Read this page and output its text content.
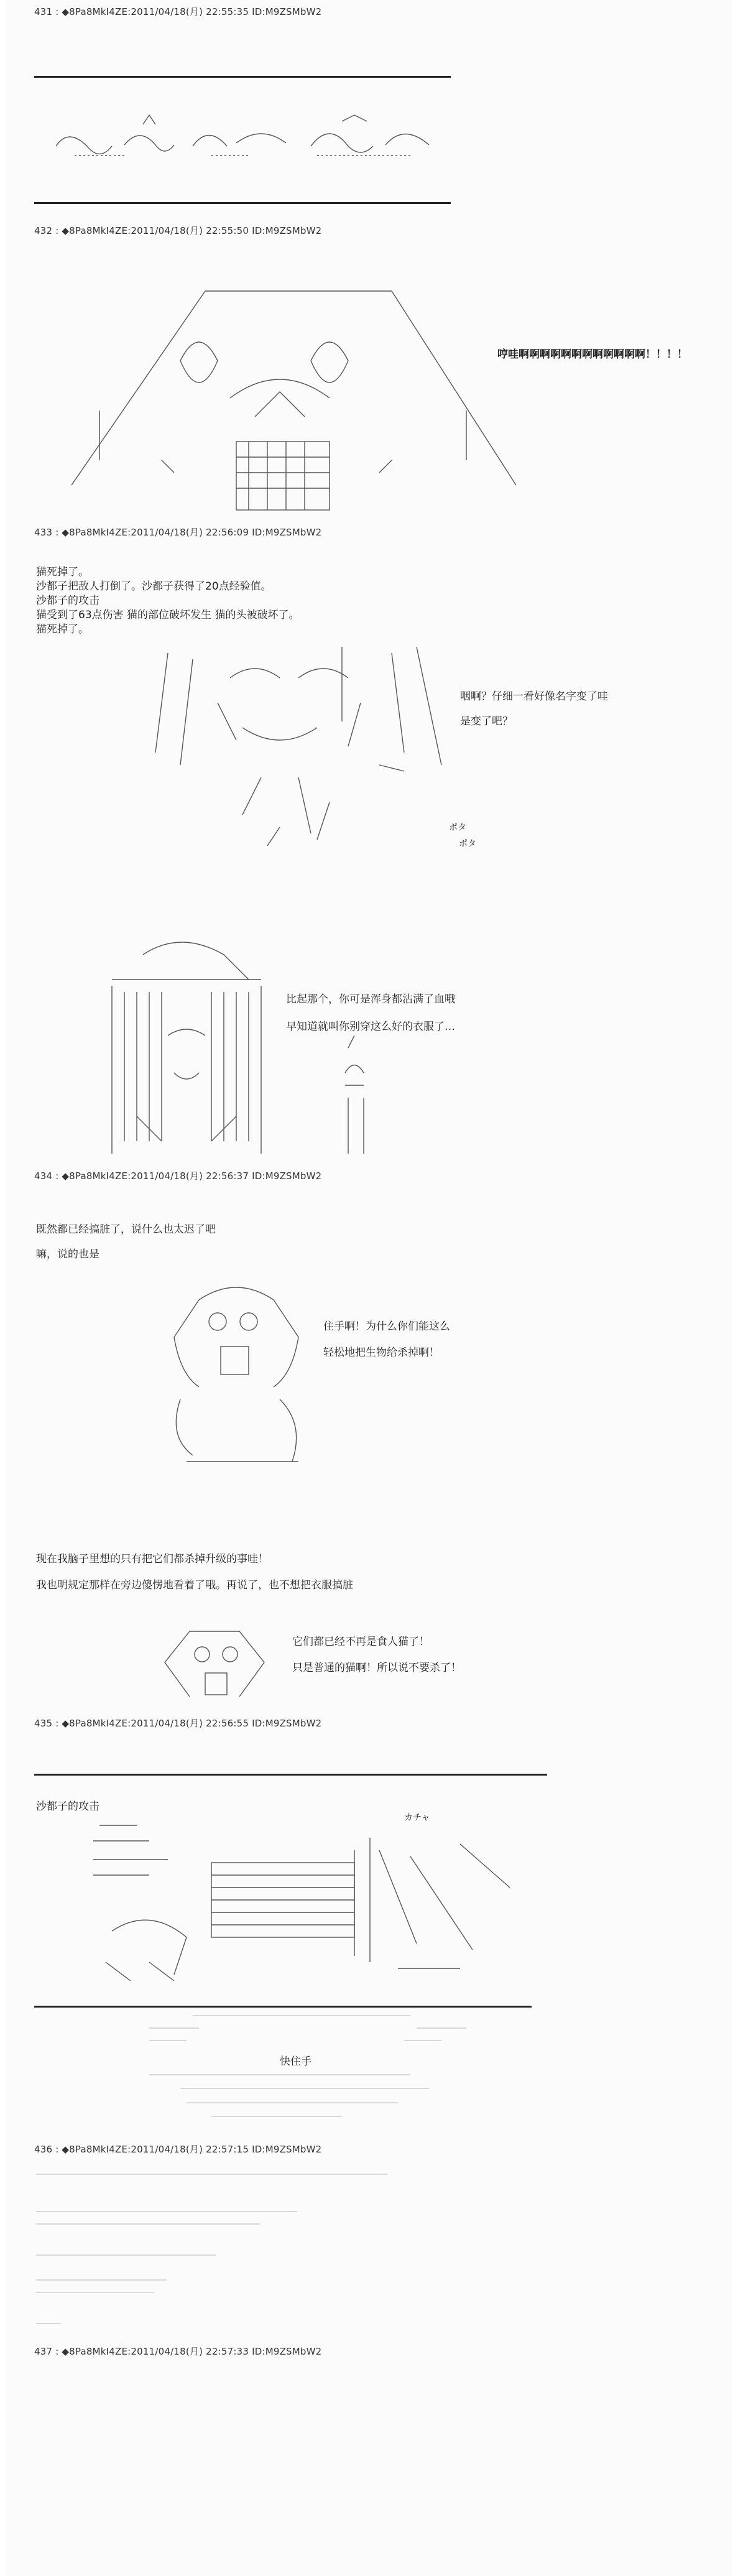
431 : ◆8Pa8MkI4ZE:2011/04/18(月) 22:55:35 ID:M9ZSMbW2
432 : ◆8Pa8MkI4ZE:2011/04/18(月) 22:55:50 ID:M9ZSMbW2
哼哇啊啊啊啊啊啊啊啊啊啊啊啊！！！！
433 : ◆8Pa8MkI4ZE:2011/04/18(月) 22:56:09 ID:M9ZSMbW2
猫死掉了。
沙都子把敌人打倒了。沙都子获得了20点经验值。
沙都子的攻击
猫受到了63点伤害 猫的部位破坏发生 猫的头被破坏了。
猫死掉了。
咽啊？仔细一看好像名字变了哇
是变了吧？
ポタ
ポタ
比起那个，你可是浑身都沾满了血哦
早知道就叫你别穿这么好的衣服了…
434 : ◆8Pa8MkI4ZE:2011/04/18(月) 22:56:37 ID:M9ZSMbW2
既然都已经搞脏了，说什么也太迟了吧
嘛，说的也是
住手啊！为什么你们能这么
轻松地把生物给杀掉啊！
现在我脑子里想的只有把它们都杀掉升级的事哇！
我也明规定那样在旁边傻愣地看着了哦。再说了，也不想把衣服搞脏
它们都已经不再是食人猫了！
只是普通的猫啊！所以说不要杀了！
435 : ◆8Pa8MkI4ZE:2011/04/18(月) 22:56:55 ID:M9ZSMbW2
沙都子的攻击
カチャ
快住手
436 : ◆8Pa8MkI4ZE:2011/04/18(月) 22:57:15 ID:M9ZSMbW2
437 : ◆8Pa8MkI4ZE:2011/04/18(月) 22:57:33 ID:M9ZSMbW2
